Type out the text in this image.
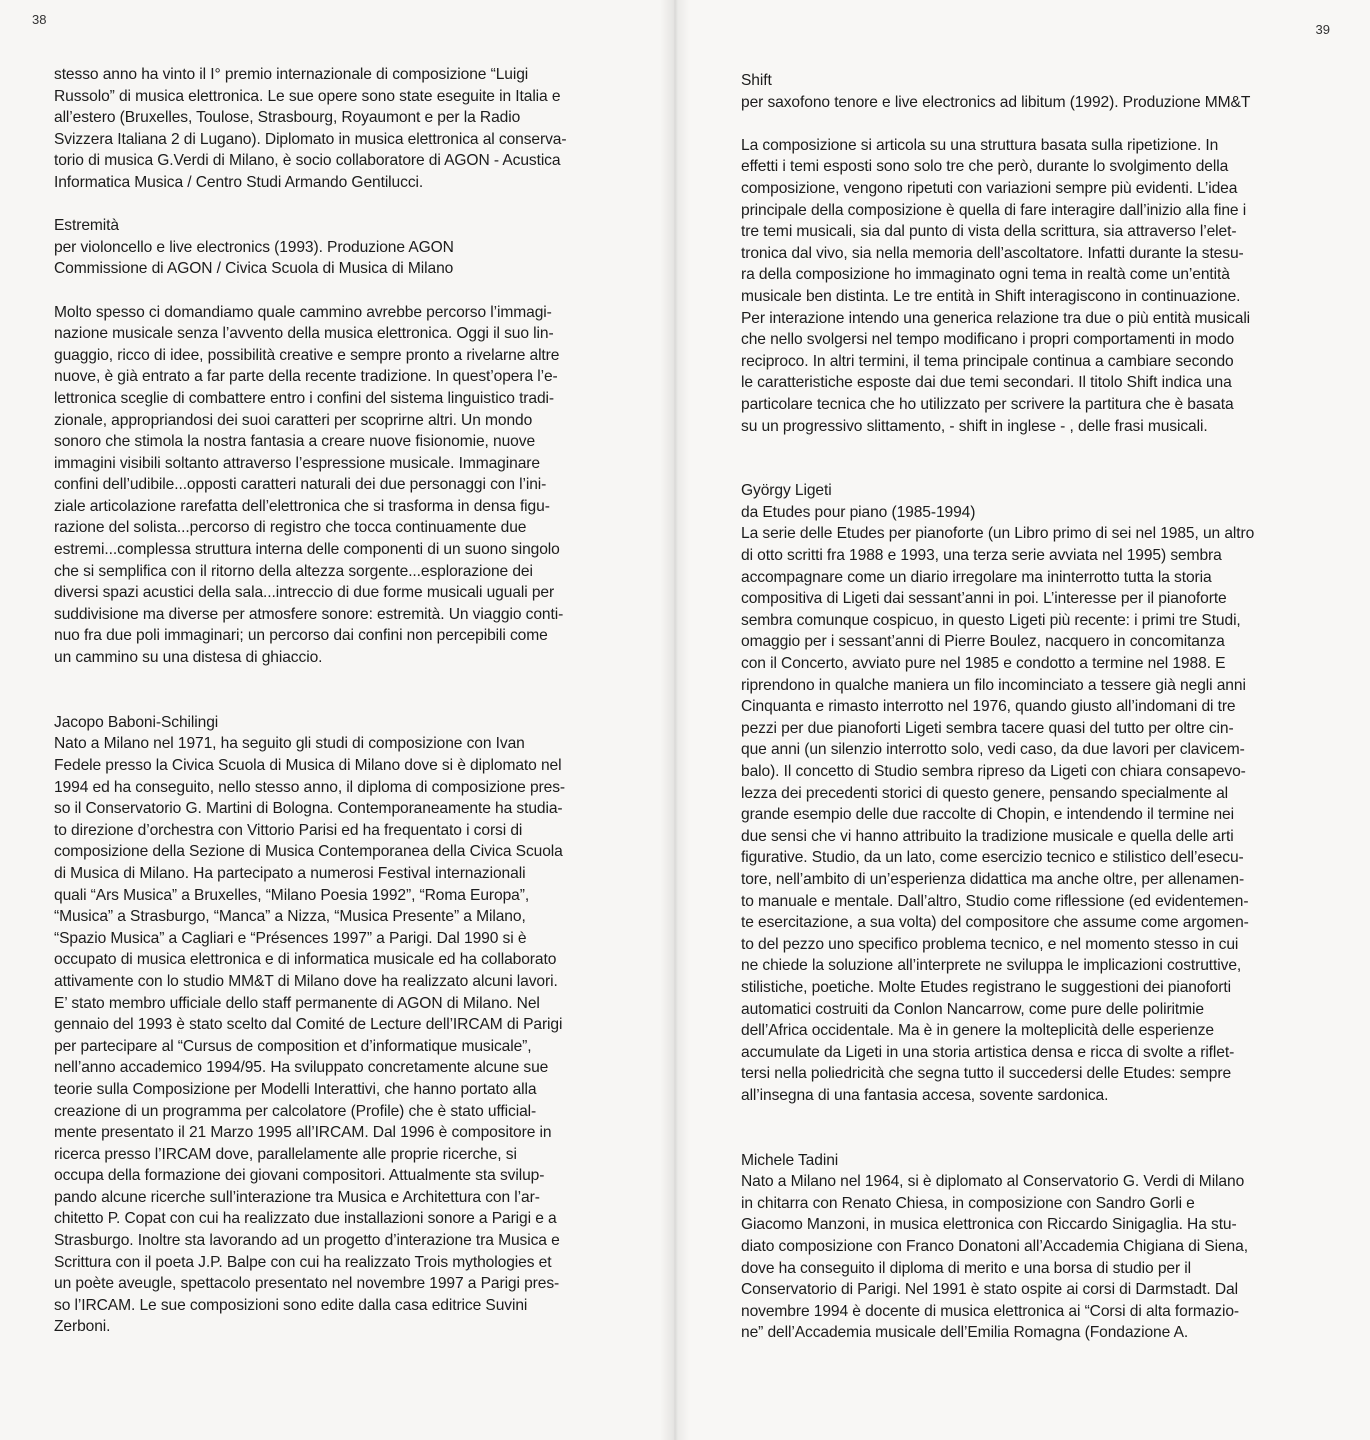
38
stesso anno ha vinto il I° premio internazionale di composizione “Luigi
Russolo” di musica elettronica. Le sue opere sono state eseguite in Italia e
all’estero (Bruxelles, Toulose, Strasbourg, Royaumont e per la Radio
Svizzera Italiana 2 di Lugano). Diplomato in musica elettronica al conserva-
torio di musica G.Verdi di Milano, è socio collaboratore di AGON - Acustica
Informatica Musica / Centro Studi Armando Gentilucci.
Estremità
per violoncello e live electronics (1993). Produzione AGON
Commissione di AGON / Civica Scuola di Musica di Milano
Molto spesso ci domandiamo quale cammino avrebbe percorso l’immagi-
nazione musicale senza l’avvento della musica elettronica. Oggi il suo lin-
guaggio, ricco di idee, possibilità creative e sempre pronto a rivelarne altre
nuove, è già entrato a far parte della recente tradizione. In quest’opera l’e-
lettronica sceglie di combattere entro i confini del sistema linguistico tradi-
zionale, appropriandosi dei suoi caratteri per scoprirne altri. Un mondo
sonoro che stimola la nostra fantasia a creare nuove fisionomie, nuove
immagini visibili soltanto attraverso l’espressione musicale. Immaginare
confini dell’udibile...opposti caratteri naturali dei due personaggi con l’ini-
ziale articolazione rarefatta dell’elettronica che si trasforma in densa figu-
razione del solista...percorso di registro che tocca continuamente due
estremi...complessa struttura interna delle componenti di un suono singolo
che si semplifica con il ritorno della altezza sorgente...esplorazione dei
diversi spazi acustici della sala...intreccio di due forme musicali uguali per
suddivisione ma diverse per atmosfere sonore: estremità. Un viaggio conti-
nuo fra due poli immaginari; un percorso dai confini non percepibili come
un cammino su una distesa di ghiaccio.
Jacopo Baboni-Schilingi
Nato a Milano nel 1971, ha seguito gli studi di composizione con Ivan
Fedele presso la Civica Scuola di Musica di Milano dove si è diplomato nel
1994 ed ha conseguito, nello stesso anno, il diploma di composizione pres-
so il Conservatorio G. Martini di Bologna. Contemporaneamente ha studia-
to direzione d’orchestra con Vittorio Parisi ed ha frequentato i corsi di
composizione della Sezione di Musica Contemporanea della Civica Scuola
di Musica di Milano. Ha partecipato a numerosi Festival internazionali
quali “Ars Musica” a Bruxelles, “Milano Poesia 1992”, “Roma Europa”,
“Musica” a Strasburgo, “Manca” a Nizza, “Musica Presente” a Milano,
“Spazio Musica” a Cagliari e “Présences 1997” a Parigi. Dal 1990 si è
occupato di musica elettronica e di informatica musicale ed ha collaborato
attivamente con lo studio MM&T di Milano dove ha realizzato alcuni lavori.
E’ stato membro ufficiale dello staff permanente di AGON di Milano. Nel
gennaio del 1993 è stato scelto dal Comité de Lecture dell’IRCAM di Parigi
per partecipare al “Cursus de composition et d’informatique musicale”,
nell’anno accademico 1994/95. Ha sviluppato concretamente alcune sue
teorie sulla Composizione per Modelli Interattivi, che hanno portato alla
creazione di un programma per calcolatore (Profile) che è stato ufficial-
mente presentato il 21 Marzo 1995 all’IRCAM. Dal 1996 è compositore in
ricerca presso l’IRCAM dove, parallelamente alle proprie ricerche, si
occupa della formazione dei giovani compositori. Attualmente sta svilup-
pando alcune ricerche sull’interazione tra Musica e Architettura con l’ar-
chitetto P. Copat con cui ha realizzato due installazioni sonore a Parigi e a
Strasburgo. Inoltre sta lavorando ad un progetto d’interazione tra Musica e
Scrittura con il poeta J.P. Balpe con cui ha realizzato Trois mythologies et
un poète aveugle, spettacolo presentato nel novembre 1997 a Parigi pres-
so l’IRCAM. Le sue composizioni sono edite dalla casa editrice Suvini
Zerboni.
39
Shift
per saxofono tenore e live electronics ad libitum (1992). Produzione MM&T
La composizione si articola su una struttura basata sulla ripetizione. In
effetti i temi esposti sono solo tre che però, durante lo svolgimento della
composizione, vengono ripetuti con variazioni sempre più evidenti. L’idea
principale della composizione è quella di fare interagire dall’inizio alla fine i
tre temi musicali, sia dal punto di vista della scrittura, sia attraverso l’elet-
tronica dal vivo, sia nella memoria dell’ascoltatore. Infatti durante la stesu-
ra della composizione ho immaginato ogni tema in realtà come un’entità
musicale ben distinta. Le tre entità in Shift interagiscono in continuazione.
Per interazione intendo una generica relazione tra due o più entità musicali
che nello svolgersi nel tempo modificano i propri comportamenti in modo
reciproco. In altri termini, il tema principale continua a cambiare secondo
le caratteristiche esposte dai due temi secondari. Il titolo Shift indica una
particolare tecnica che ho utilizzato per scrivere la partitura che è basata
su un progressivo slittamento, - shift in inglese - , delle frasi musicali.
György Ligeti
da Etudes pour piano (1985-1994)
La serie delle Etudes per pianoforte (un Libro primo di sei nel 1985, un altro
di otto scritti fra 1988 e 1993, una terza serie avviata nel 1995) sembra
accompagnare come un diario irregolare ma ininterrotto tutta la storia
compositiva di Ligeti dai sessant’anni in poi. L’interesse per il pianoforte
sembra comunque cospicuo, in questo Ligeti più recente: i primi tre Studi,
omaggio per i sessant’anni di Pierre Boulez, nacquero in concomitanza
con il Concerto, avviato pure nel 1985 e condotto a termine nel 1988. E
riprendono in qualche maniera un filo incominciato a tessere già negli anni
Cinquanta e rimasto interrotto nel 1976, quando giusto all’indomani di tre
pezzi per due pianoforti Ligeti sembra tacere quasi del tutto per oltre cin-
que anni (un silenzio interrotto solo, vedi caso, da due lavori per clavicem-
balo). Il concetto di Studio sembra ripreso da Ligeti con chiara consapevo-
lezza dei precedenti storici di questo genere, pensando specialmente al
grande esempio delle due raccolte di Chopin, e intendendo il termine nei
due sensi che vi hanno attribuito la tradizione musicale e quella delle arti
figurative. Studio, da un lato, come esercizio tecnico e stilistico dell’esecu-
tore, nell’ambito di un’esperienza didattica ma anche oltre, per allenamen-
to manuale e mentale. Dall’altro, Studio come riflessione (ed evidentemen-
te esercitazione, a sua volta) del compositore che assume come argomen-
to del pezzo uno specifico problema tecnico, e nel momento stesso in cui
ne chiede la soluzione all’interprete ne sviluppa le implicazioni costruttive,
stilistiche, poetiche. Molte Etudes registrano le suggestioni dei pianoforti
automatici costruiti da Conlon Nancarrow, come pure delle poliritmie
dell’Africa occidentale. Ma è in genere la molteplicità delle esperienze
accumulate da Ligeti in una storia artistica densa e ricca di svolte a riflet-
tersi nella poliedricità che segna tutto il succedersi delle Etudes: sempre
all’insegna di una fantasia accesa, sovente sardonica.
Michele Tadini
Nato a Milano nel 1964, si è diplomato al Conservatorio G. Verdi di Milano
in chitarra con Renato Chiesa, in composizione con Sandro Gorli e
Giacomo Manzoni, in musica elettronica con Riccardo Sinigaglia. Ha stu-
diato composizione con Franco Donatoni all’Accademia Chigiana di Siena,
dove ha conseguito il diploma di merito e una borsa di studio per il
Conservatorio di Parigi. Nel 1991 è stato ospite ai corsi di Darmstadt. Dal
novembre 1994 è docente di musica elettronica ai “Corsi di alta formazio-
ne” dell’Accademia musicale dell’Emilia Romagna (Fondazione A.
